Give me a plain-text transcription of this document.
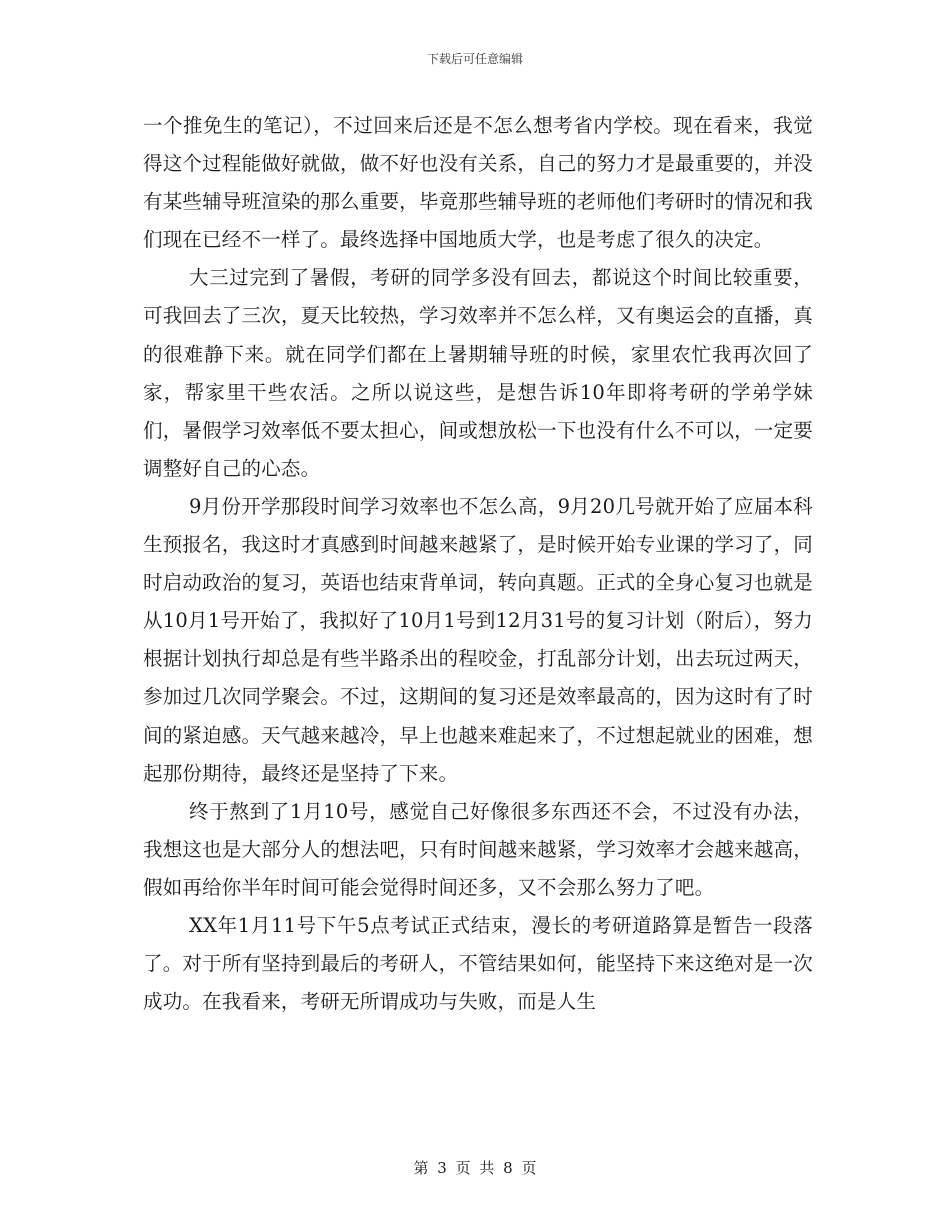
下载后可任意编辑

一个推免生的笔记），不过回来后还是不怎么想考省内学校。现在看来，我觉得这个过程能做好就做，做不好也没有关系，自己的努力才是最重要的，并没有某些辅导班渲染的那么重要，毕竟那些辅导班的老师他们考研时的情况和我们现在已经不一样了。最终选择中国地质大学，也是考虑了很久的决定。

大三过完到了暑假，考研的同学多没有回去，都说这个时间比较重要，可我回去了三次，夏天比较热，学习效率并不怎么样，又有奥运会的直播，真的很难静下来。就在同学们都在上暑期辅导班的时候，家里农忙我再次回了家，帮家里干些农活。之所以说这些，是想告诉10年即将考研的学弟学妹们，暑假学习效率低不要太担心，间或想放松一下也没有什么不可以，一定要调整好自己的心态。

9月份开学那段时间学习效率也不怎么高，9月20几号就开始了应届本科生预报名，我这时才真感到时间越来越紧了，是时候开始专业课的学习了，同时启动政治的复习，英语也结束背单词，转向真题。正式的全身心复习也就是从10月1号开始了，我拟好了10月1号到12月31号的复习计划（附后），努力根据计划执行却总是有些半路杀出的程咬金，打乱部分计划，出去玩过两天，参加过几次同学聚会。不过，这期间的复习还是效率最高的，因为这时有了时间的紧迫感。天气越来越冷，早上也越来难起来了，不过想起就业的困难，想起那份期待，最终还是坚持了下来。

终于熬到了1月10号，感觉自己好像很多东西还不会，不过没有办法，我想这也是大部分人的想法吧，只有时间越来越紧，学习效率才会越来越高，假如再给你半年时间可能会觉得时间还多，又不会那么努力了吧。

XX年1月11号下午5点考试正式结束，漫长的考研道路算是暂告一段落了。对于所有坚持到最后的考研人，不管结果如何，能坚持下来这绝对是一次成功。在我看来，考研无所谓成功与失败，而是人生

第 3 页 共 8 页
